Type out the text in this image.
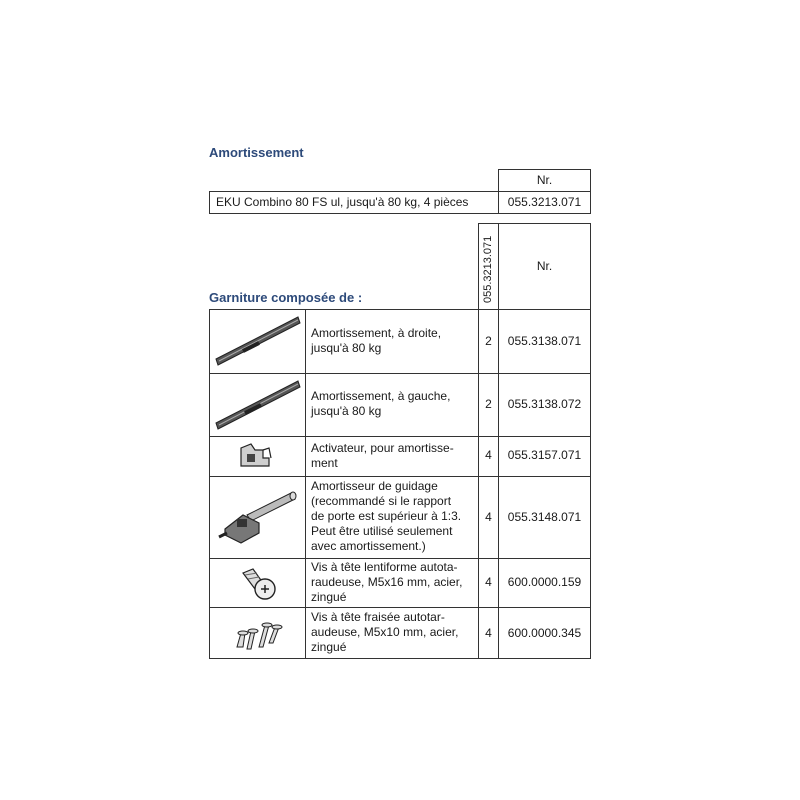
Amortissement
Nr.
EKU Combino 80 FS ul, jusqu'à 80 kg, 4 pièces	055.3213.071
Garniture composée de :	055.3213.071	Nr.
Amortissement, à droite,
jusqu'à 80 kg	2	055.3138.071
Amortissement, à gauche,
jusqu'à 80 kg	2	055.3138.072
Activateur, pour amortisse-
ment
4	055.3157.071
Amortisseur de guidage
(recommandé si le rapport
de porte est supérieur à 1:3.
Peut être utilisé seulement
avec amortissement.)
4	055.3148.071
Vis à tête lentiforme autota-
raudeuse, M5x16 mm, acier,
zingué
4	600.0000.159
Vis à tête fraisée autotar-
audeuse, M5x10 mm, acier,
zingué
4	600.0000.345
